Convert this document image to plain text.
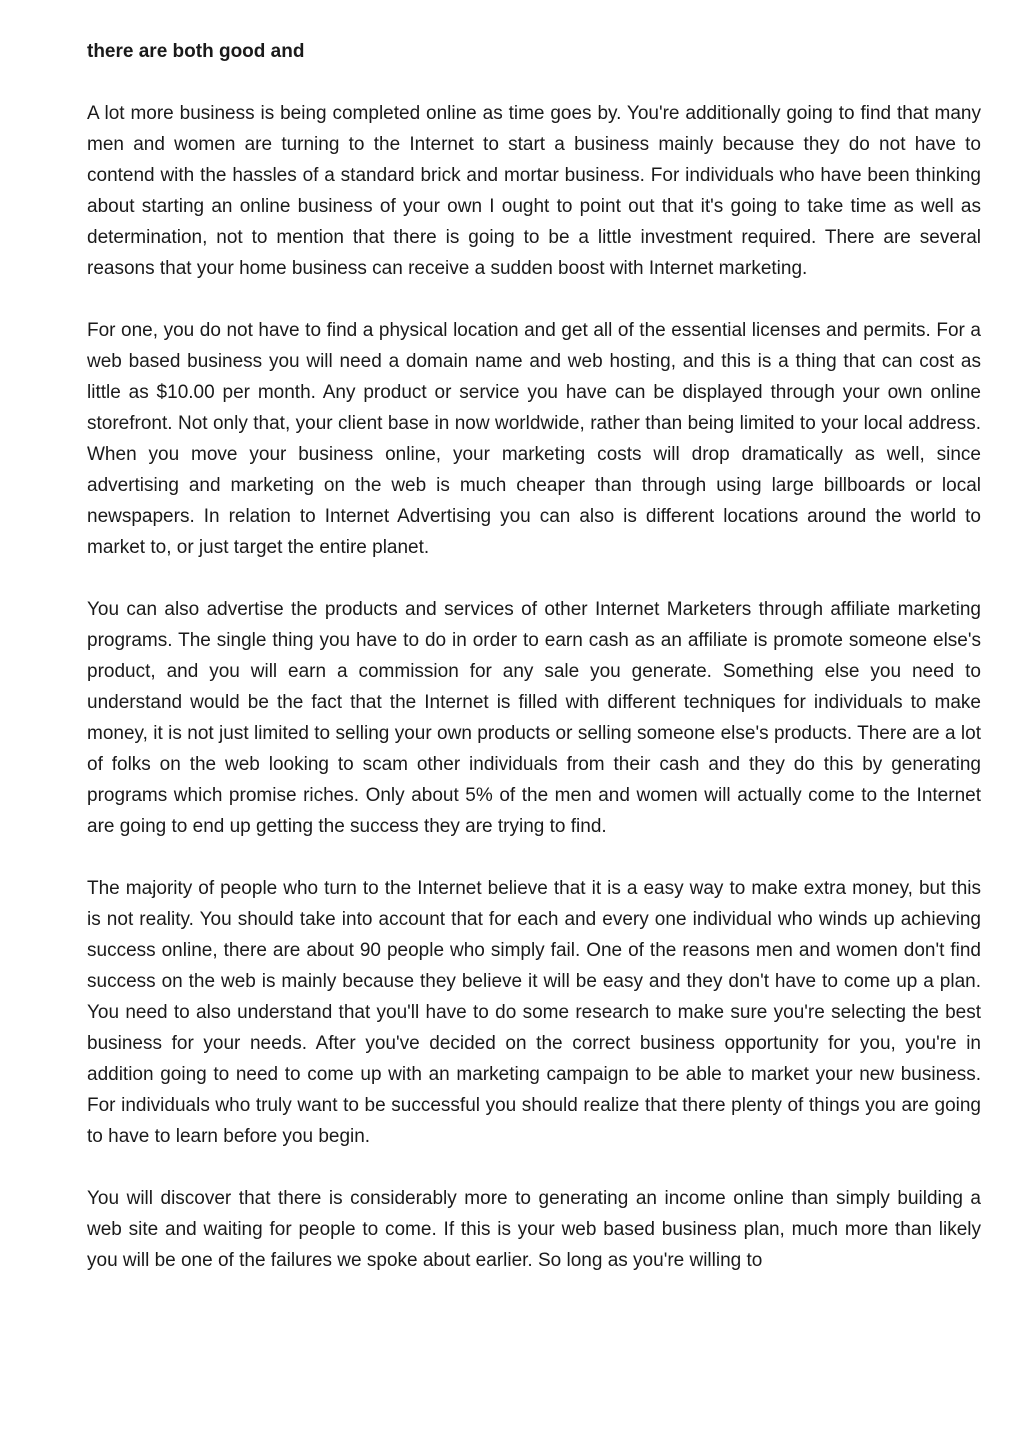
there are both good and

A lot more business is being completed online as time goes by. You're additionally going to find that many men and women are turning to the Internet to start a business mainly because they do not have to contend with the hassles of a standard brick and mortar business. For individuals who have been thinking about starting an online business of your own I ought to point out that it's going to take time as well as determination, not to mention that there is going to be a little investment required. There are several reasons that your home business can receive a sudden boost with Internet marketing.

For one, you do not have to find a physical location and get all of the essential licenses and permits. For a web based business you will need a domain name and web hosting, and this is a thing that can cost as little as $10.00 per month. Any product or service you have can be displayed through your own online storefront. Not only that, your client base in now worldwide, rather than being limited to your local address. When you move your business online, your marketing costs will drop dramatically as well, since advertising and marketing on the web is much cheaper than through using large billboards or local newspapers. In relation to Internet Advertising you can also is different locations around the world to market to, or just target the entire planet.

You can also advertise the products and services of other Internet Marketers through affiliate marketing programs. The single thing you have to do in order to earn cash as an affiliate is promote someone else's product, and you will earn a commission for any sale you generate. Something else you need to understand would be the fact that the Internet is filled with different techniques for individuals to make money, it is not just limited to selling your own products or selling someone else's products. There are a lot of folks on the web looking to scam other individuals from their cash and they do this by generating programs which promise riches. Only about 5% of the men and women will actually come to the Internet are going to end up getting the success they are trying to find.

The majority of people who turn to the Internet believe that it is a easy way to make extra money, but this is not reality. You should take into account that for each and every one individual who winds up achieving success online, there are about 90 people who simply fail. One of the reasons men and women don't find success on the web is mainly because they believe it will be easy and they don't have to come up a plan. You need to also understand that you'll have to do some research to make sure you're selecting the best business for your needs. After you've decided on the correct business opportunity for you, you're in addition going to need to come up with an marketing campaign to be able to market your new business. For individuals who truly want to be successful you should realize that there plenty of things you are going to have to learn before you begin.

You will discover that there is considerably more to generating an income online than simply building a web site and waiting for people to come. If this is your web based business plan, much more than likely you will be one of the failures we spoke about earlier. So long as you're willing to
